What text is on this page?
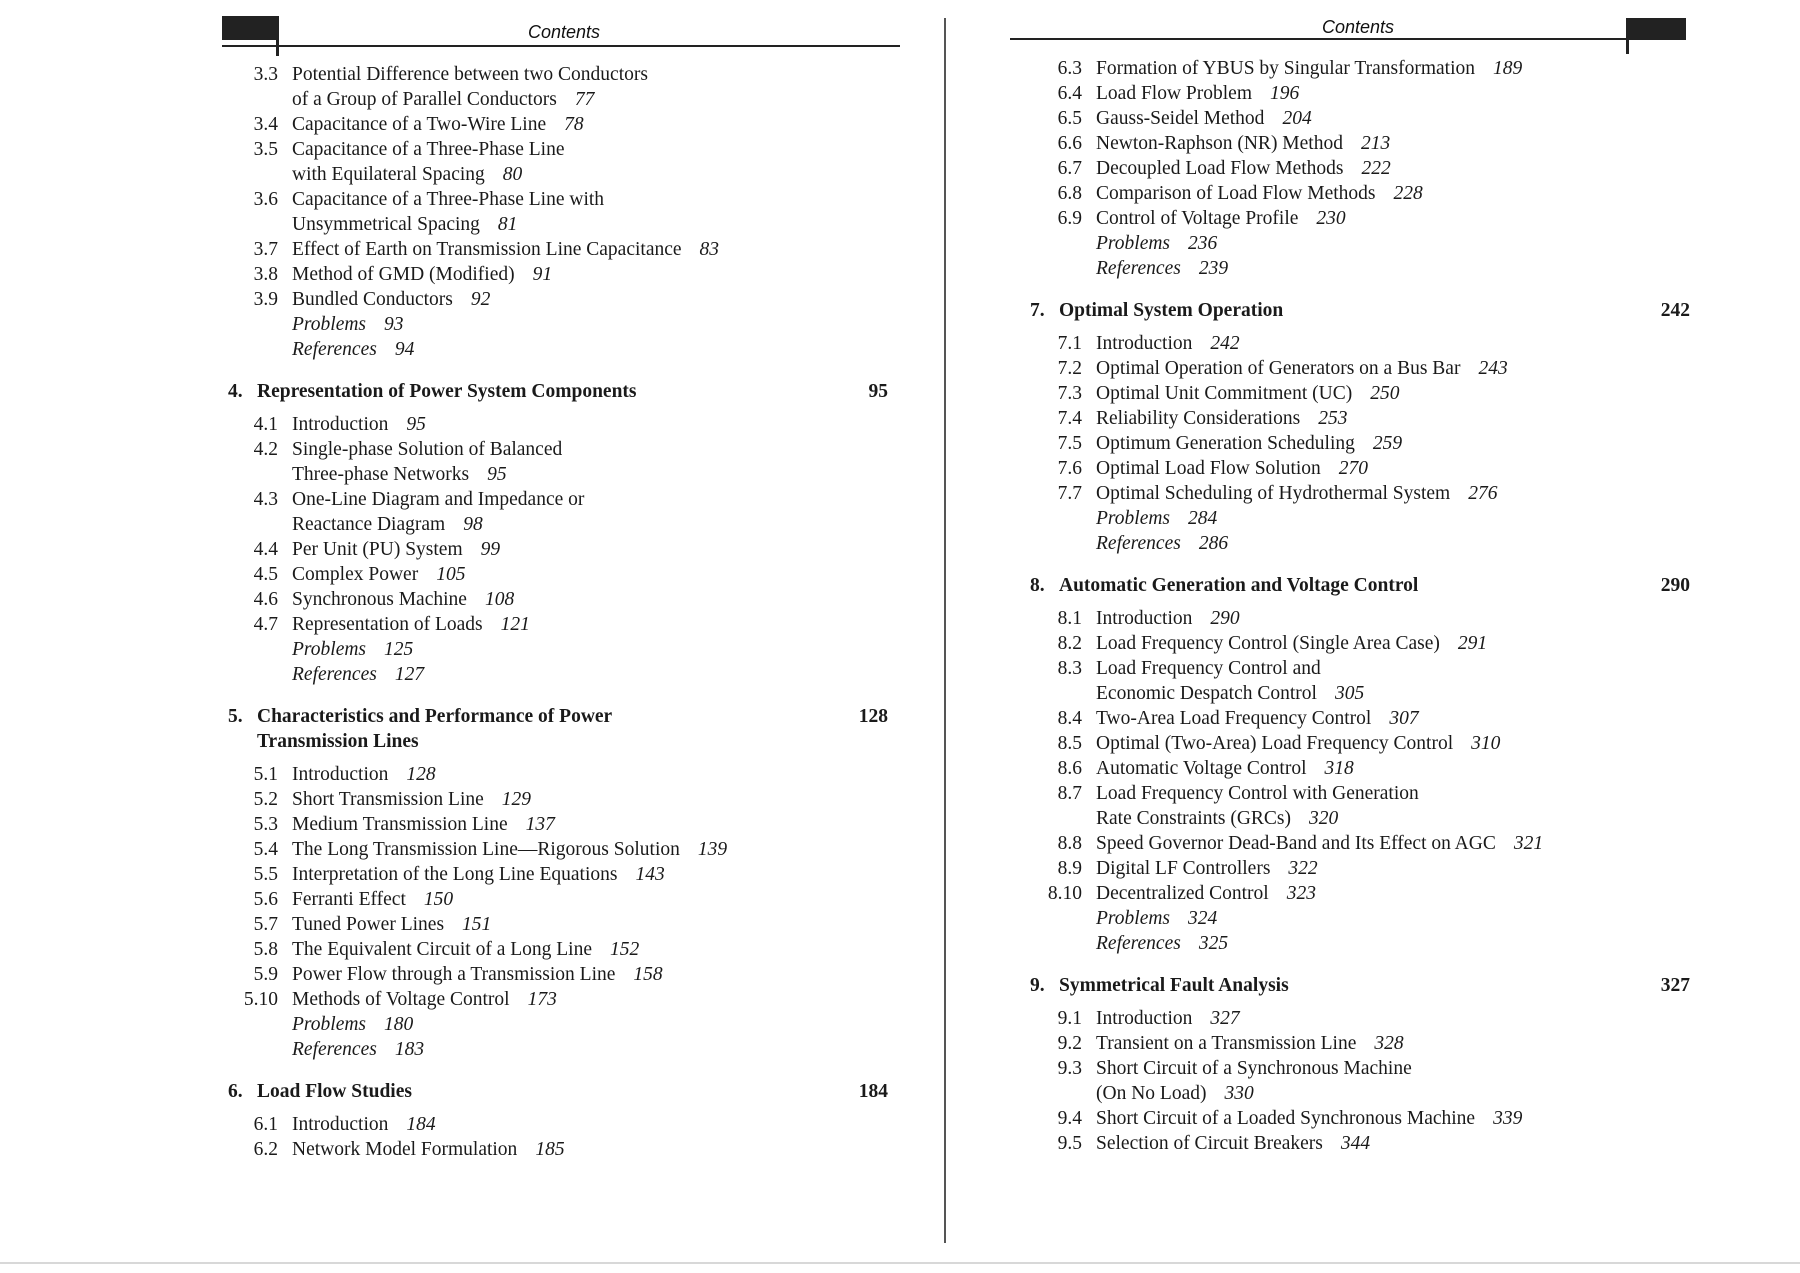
Contents
3.3 Potential Difference between two Conductors
of a Group of Parallel Conductors 77
3.4 Capacitance of a Two-Wire Line 78
3.5 Capacitance of a Three-Phase Line
with Equilateral Spacing 80
3.6 Capacitance of a Three-Phase Line with
Unsymmetrical Spacing 81
3.7 Effect of Earth on Transmission Line Capacitance 83
3.8 Method of GMD (Modified) 91
3.9 Bundled Conductors 92
Problems 93
References 94
4. Representation of Power System Components	95
4.1 Introduction 95
4.2 Single-phase Solution of Balanced
Three-phase Networks 95
4.3 One-Line Diagram and Impedance or
Reactance Diagram 98
4.4 Per Unit (PU) System 99
4.5 Complex Power 105
4.6 Synchronous Machine 108
4.7 Representation of Loads 121
Problems 125
References 127
5. Characteristics and Performance of Power
Transmission Lines
128
5.1 Introduction 128
5.2 Short Transmission Line 129
5.3 Medium Transmission Line 137
5.4 The Long Transmission Line—Rigorous Solution 139
5.5 Interpretation of the Long Line Equations 143
5.6 Ferranti Effect 150
5.7 Tuned Power Lines 151
5.8 The Equivalent Circuit of a Long Line 152
5.9 Power Flow through a Transmission Line 158
5.10 Methods of Voltage Control 173
Problems 180
References 183
6. Load Flow Studies	184
6.1 Introduction 184
6.2 Network Model Formulation 185
Contents
6.3 Formation of YBUS by Singular Transformation 189
6.4 Load Flow Problem 196
6.5 Gauss-Seidel Method 204
6.6 Newton-Raphson (NR) Method 213
6.7 Decoupled Load Flow Methods 222
6.8 Comparison of Load Flow Methods 228
6.9 Control of Voltage Profile 230
Problems 236
References 239
7. Optimal System Operation	242
7.1 Introduction 242
7.2 Optimal Operation of Generators on a Bus Bar 243
7.3 Optimal Unit Commitment (UC) 250
7.4 Reliability Considerations 253
7.5 Optimum Generation Scheduling 259
7.6 Optimal Load Flow Solution 270
7.7 Optimal Scheduling of Hydrothermal System 276
Problems 284
References 286
8. Automatic Generation and Voltage Control	290
8.1 Introduction 290
8.2 Load Frequency Control (Single Area Case) 291
8.3 Load Frequency Control and
Economic Despatch Control 305
8.4 Two-Area Load Frequency Control 307
8.5 Optimal (Two-Area) Load Frequency Control 310
8.6 Automatic Voltage Control 318
8.7 Load Frequency Control with Generation
Rate Constraints (GRCs) 320
8.8 Speed Governor Dead-Band and Its Effect on AGC 321
8.9 Digital LF Controllers 322
8.10 Decentralized Control 323
Problems 324
References 325
9. Symmetrical Fault Analysis	327
9.1 Introduction 327
9.2 Transient on a Transmission Line 328
9.3 Short Circuit of a Synchronous Machine
(On No Load) 330
9.4 Short Circuit of a Loaded Synchronous Machine 339
9.5 Selection of Circuit Breakers 344
